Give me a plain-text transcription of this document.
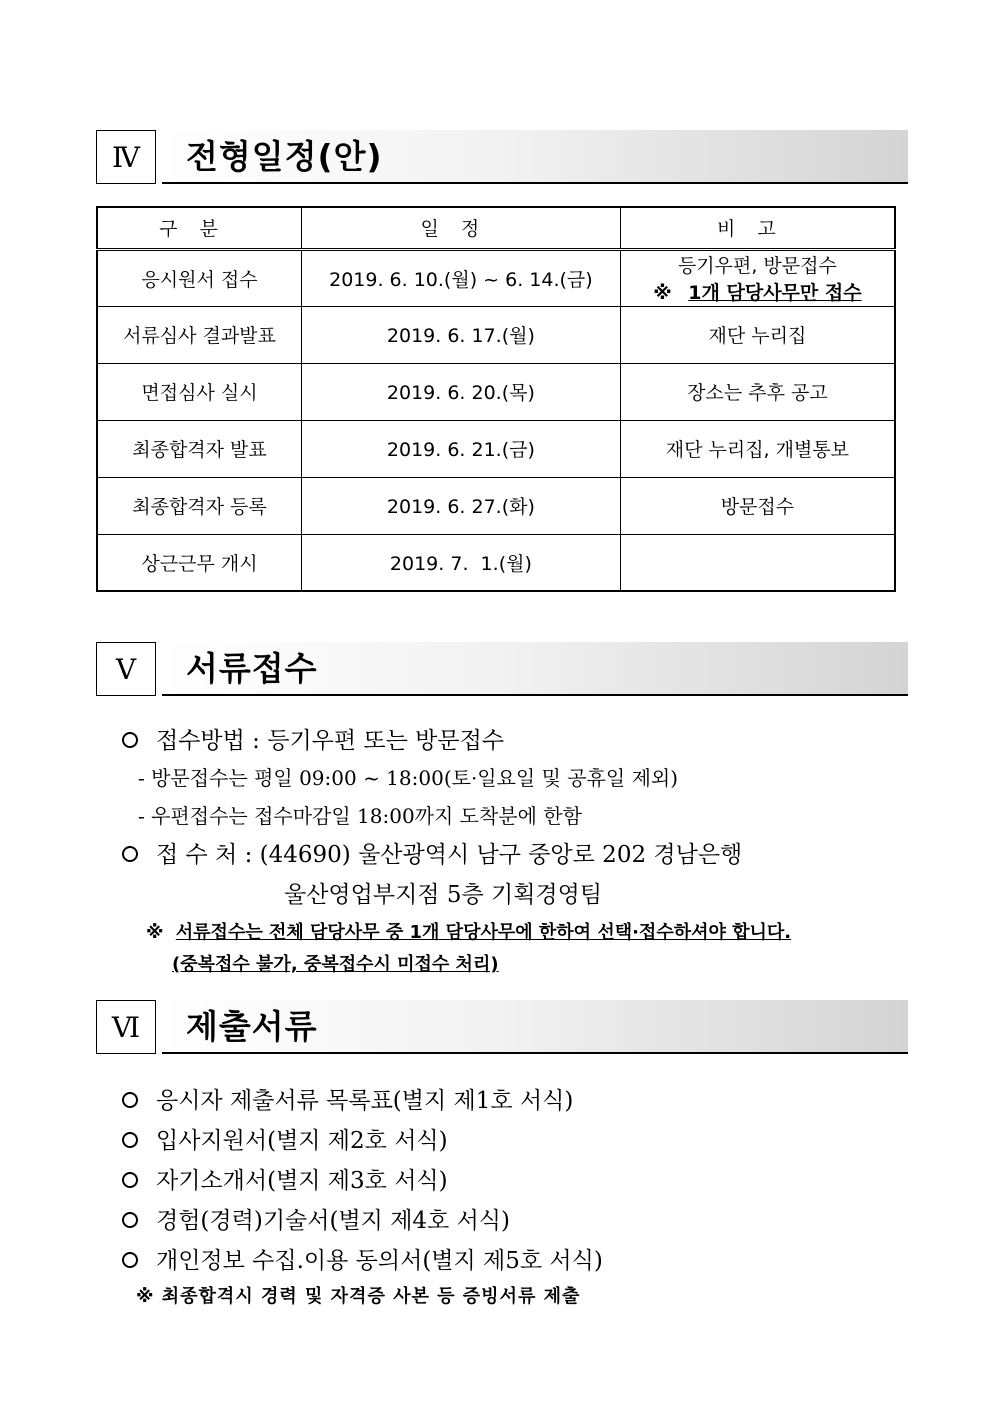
Ⅳ	전형일정(안)
구분	일정	비고
응시원서 접수	2019. 6. 10.(월) ~ 6. 14.(금)	등기우편, 방문접수
※ 1개 담당사무만 접수

서류심사 결과발표	2019. 6. 17.(월)	재단 누리집
면접심사 실시	2019. 6. 20.(목)	장소는 추후 공고
최종합격자 발표	2019. 6. 21.(금)	재단 누리집, 개별통보
최종합격자 등록	2019. 6. 27.(화)	방문접수
상근근무 개시	2019. 7.  1.(월)	
Ⅴ	서류접수
접수방법 : 등기우편 또는 방문접수
- 방문접수는 평일 09:00 ~ 18:00(토·일요일 및 공휴일 제외)
- 우편접수는 접수마감일 18:00까지 도착분에 한함
접 수 처 : (44690) 울산광역시 남구 중앙로 202 경남은행
울산영업부지점 5층 기획경영팀
※ 서류접수는 전체 담당사무 중 1개 담당사무에 한하여 선택·접수하셔야 합니다.
(중복접수 불가, 중복접수시 미접수 처리)
Ⅵ	제출서류
응시자 제출서류 목록표(별지 제1호 서식)
입사지원서(별지 제2호 서식)
자기소개서(별지 제3호 서식)
경험(경력)기술서(별지 제4호 서식)
개인정보 수집.이용 동의서(별지 제5호 서식)
※ 최종합격시 경력 및 자격증 사본 등 증빙서류 제출
